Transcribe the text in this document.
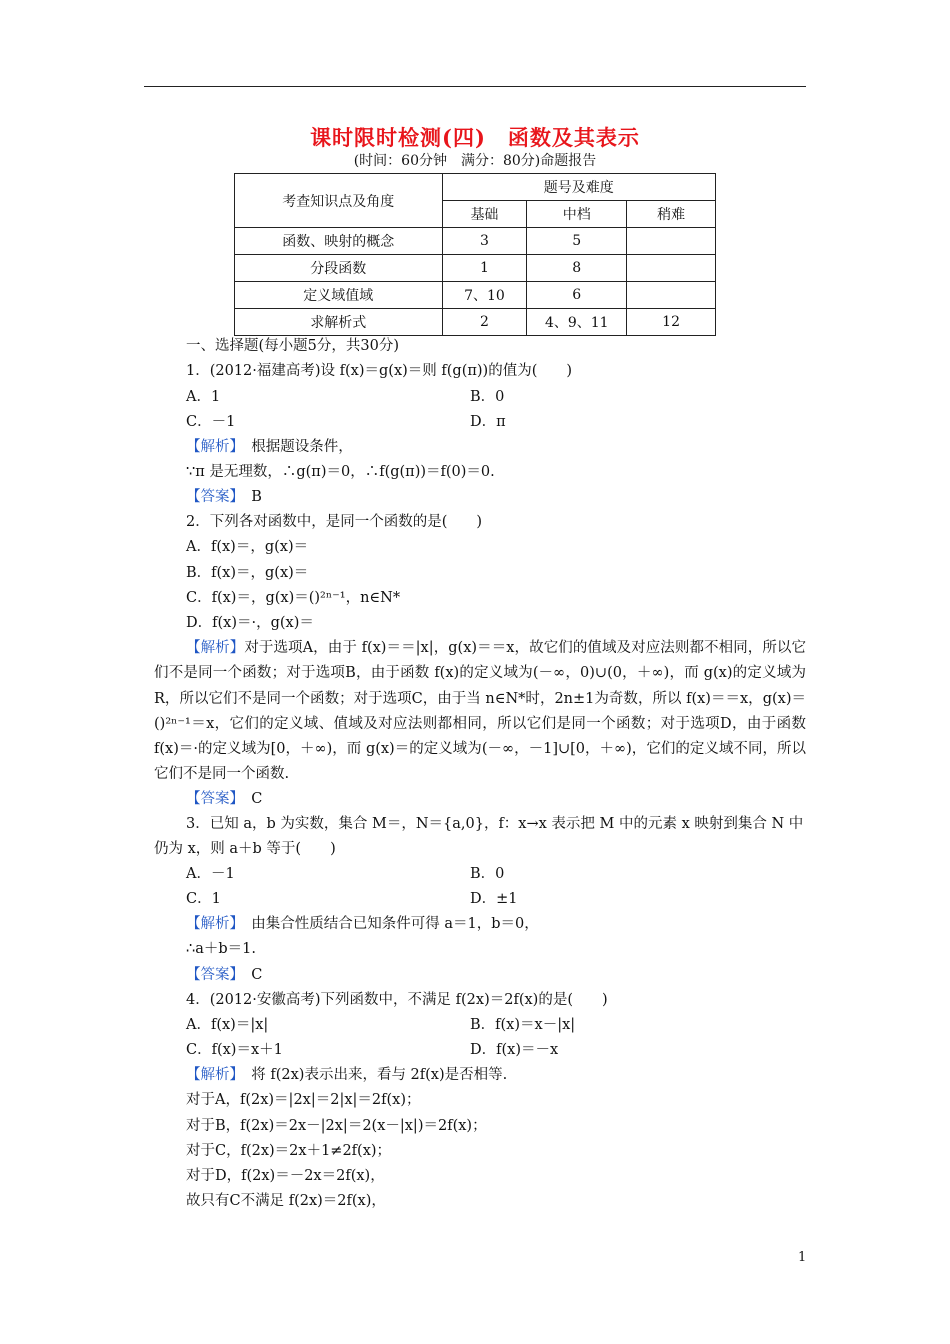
课时限时检测(四)　函数及其表示
(时间：60分钟　满分：80分)命题报告
考查知识点及角度	题号及难度		
	基础	中档	稍难
函数、映射的概念	3	5	
分段函数	1	8	
定义域值域	7、10	6	
求解析式	2	4、9、11	12
一、选择题(每小题5分，共30分)
1．(2012·福建高考)设 f(x)＝g(x)＝则 f(g(π))的值为(　　)
A．1	B．0
C．－1	D．π
【解析】　根据题设条件，
∵π 是无理数，∴g(π)＝0，∴f(g(π))＝f(0)＝0.
【答案】　B
2．下列各对函数中，是同一个函数的是(　　)
A．f(x)＝，g(x)＝
B．f(x)＝，g(x)＝
C．f(x)＝，g(x)＝()²ⁿ⁻¹，n∈N*
D．f(x)＝·，g(x)＝
【解析】对于选项A，由于 f(x)＝＝|x|，g(x)＝＝x，故它们的值域及对应法则都不相同，所以它们不是同一个函数；对于选项B，由于函数 f(x)的定义域为(－∞，0)∪(0，＋∞)，而 g(x)的定义域为R，所以它们不是同一个函数；对于选项C，由于当 n∈N*时，2n±1为奇数，所以 f(x)＝＝x，g(x)＝()²ⁿ⁻¹＝x，它们的定义域、值域及对应法则都相同，所以它们是同一个函数；对于选项D，由于函数 f(x)＝·的定义域为[0，＋∞)，而 g(x)＝的定义域为(－∞，－1]∪[0，＋∞)，它们的定义域不同，所以它们不是同一个函数.
【答案】　C
3．已知 a，b 为实数，集合 M＝，N＝{a,0}，f：x→x 表示把 M 中的元素 x 映射到集合 N 中
仍为 x，则 a＋b 等于(　　)
A．－1	B．0
C．1	D．±1
【解析】　由集合性质结合已知条件可得 a＝1，b＝0，
∴a＋b＝1.
【答案】　C
4．(2012·安徽高考)下列函数中，不满足 f(2x)＝2f(x)的是(　　)
A．f(x)＝|x|	B．f(x)＝x－|x|
C．f(x)＝x＋1	D．f(x)＝－x
【解析】　将 f(2x)表示出来，看与 2f(x)是否相等.
对于A，f(2x)＝|2x|＝2|x|＝2f(x)；
对于B，f(2x)＝2x－|2x|＝2(x－|x|)＝2f(x)；
对于C，f(2x)＝2x＋1≠2f(x)；
对于D，f(2x)＝－2x＝2f(x)，
故只有C不满足 f(2x)＝2f(x)，
1
